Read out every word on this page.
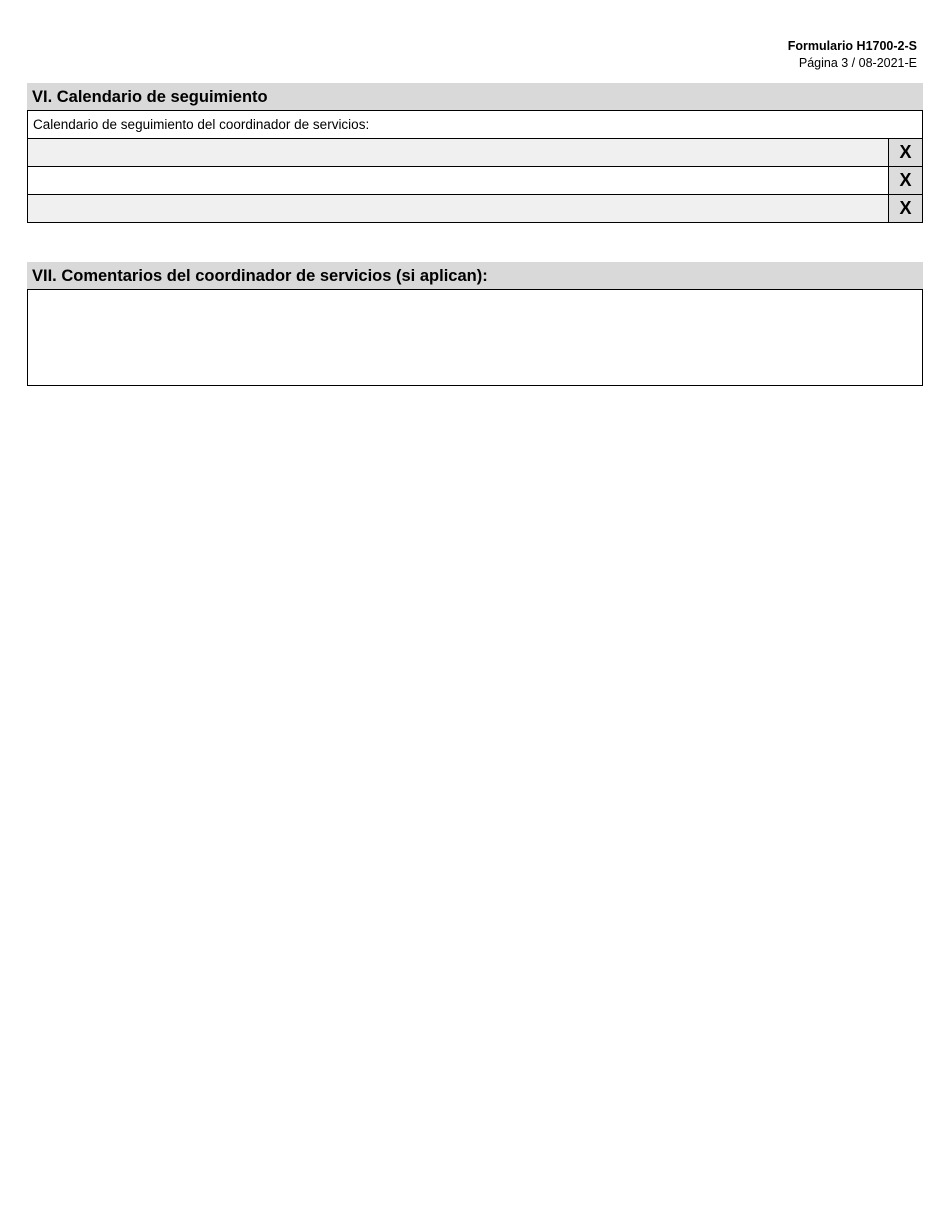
Formulario H1700-2-S
Página 3 / 08-2021-E
VI. Calendario de seguimiento
Calendario de seguimiento del coordinador de servicios:
X
X
X
VII. Comentarios del coordinador de servicios (si aplican):
